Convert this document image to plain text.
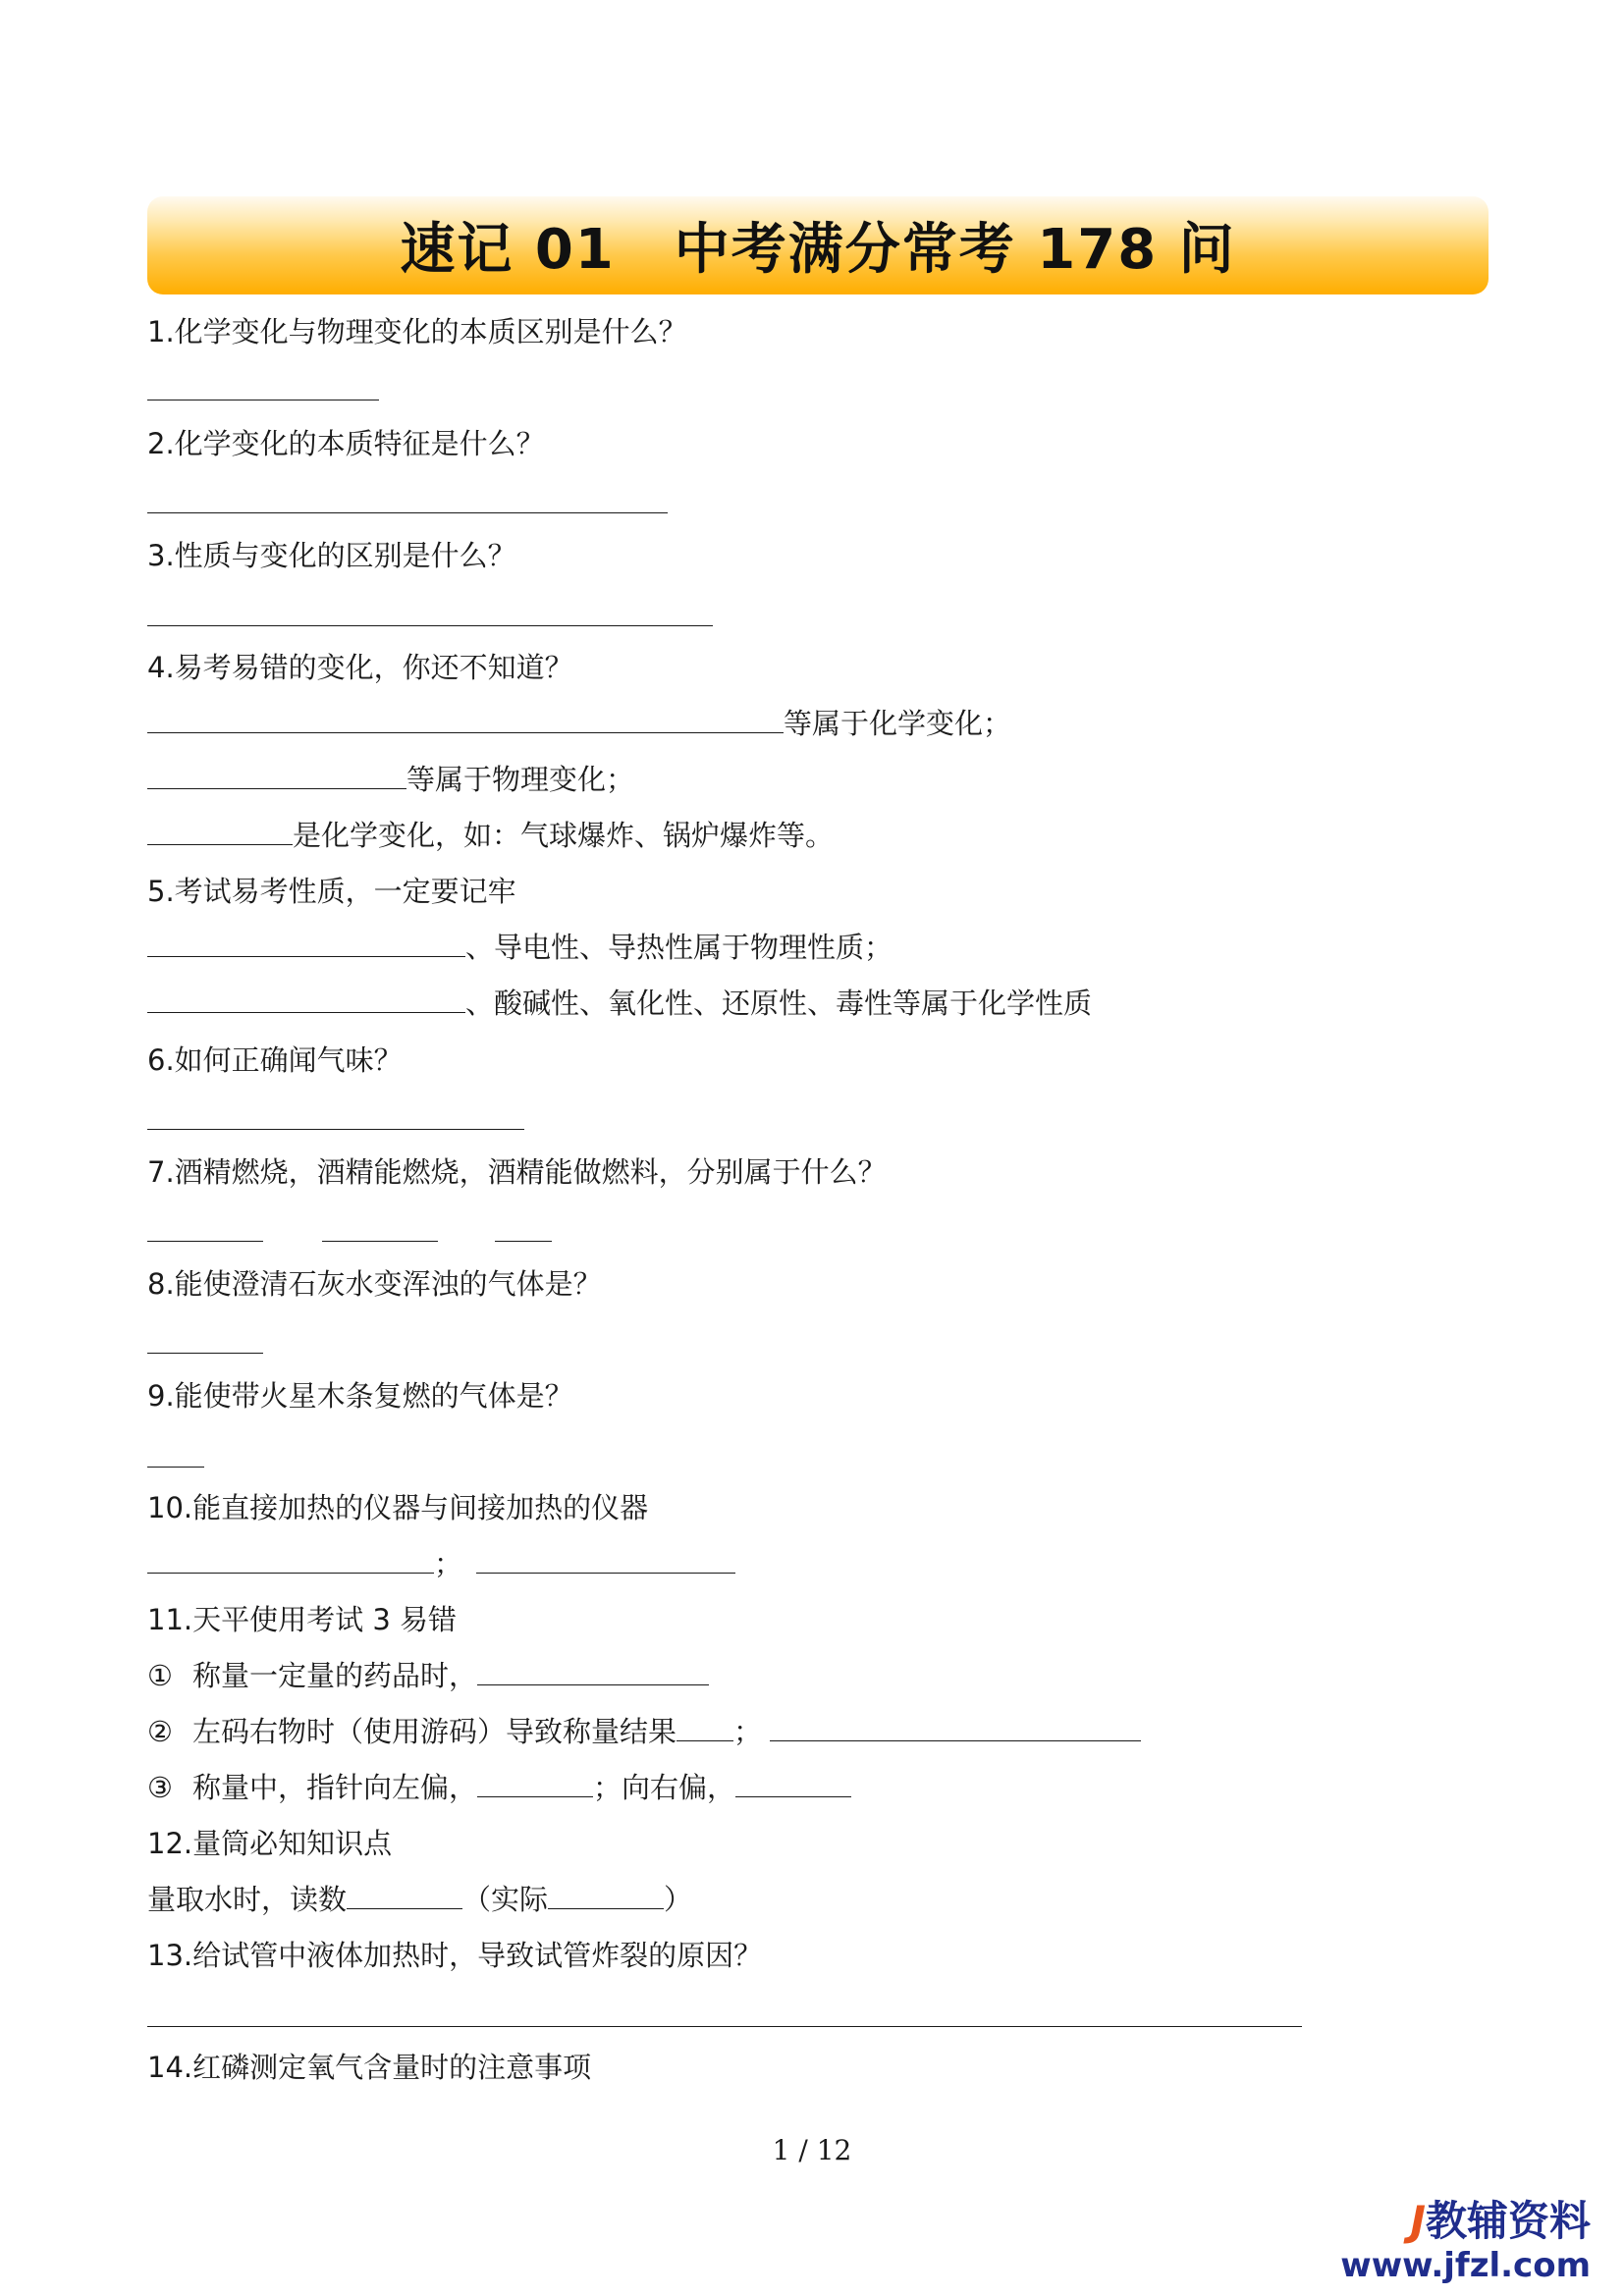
速记 01 中考满分常考 178 问
1.化学变化与物理变化的本质区别是什么？
2.化学变化的本质特征是什么？
3.性质与变化的区别是什么？
4.易考易错的变化，你还不知道？
等属于化学变化；
等属于物理变化；
是化学变化，如：气球爆炸、锅炉爆炸等。
5.考试易考性质，一定要记牢
、导电性、导热性属于物理性质；
、酸碱性、氧化性、还原性、毒性等属于化学性质
6.如何正确闻气味？
7.酒精燃烧，酒精能燃烧，酒精能做燃料，分别属于什么？
8.能使澄清石灰水变浑浊的气体是？
9.能使带火星木条复燃的气体是？
10.能直接加热的仪器与间接加热的仪器
；
11.天平使用考试 3 易错
① 称量一定量的药品时，
② 左码右物时（使用游码）导致称量结果 ；
③ 称量中，指针向左偏，	；向右偏，
12.量筒必知知识点
量取水时，读数	（实际	）
13.给试管中液体加热时，导致试管炸裂的原因？
14.红磷测定氧气含量时的注意事项
1 / 12
J教辅资料
www.jfzl.com
